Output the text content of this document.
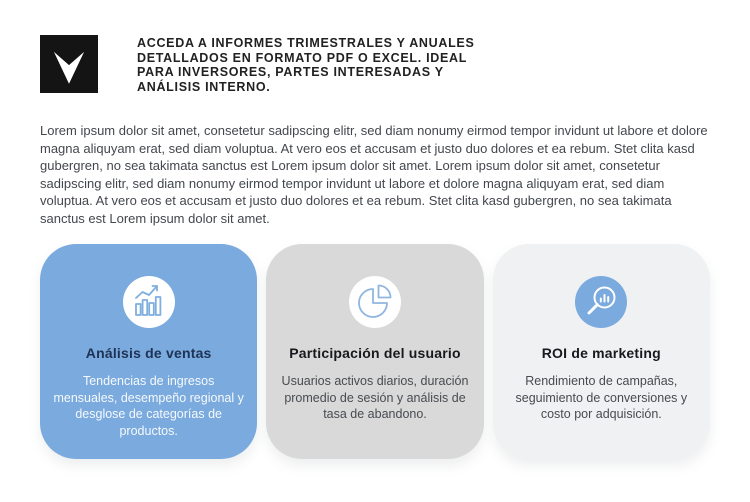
ACCEDA A INFORMES TRIMESTRALES Y ANUALES DETALLADOS EN FORMATO PDF O EXCEL. IDEAL PARA INVERSORES, PARTES INTERESADAS Y ANÁLISIS INTERNO.

Lorem ipsum dolor sit amet, consetetur sadipscing elitr, sed diam nonumy eirmod tempor invidunt ut labore et dolore magna aliquyam erat, sed diam voluptua. At vero eos et accusam et justo duo dolores et ea rebum. Stet clita kasd gubergren, no sea takimata sanctus est Lorem ipsum dolor sit amet. Lorem ipsum dolor sit amet, consetetur sadipscing elitr, sed diam nonumy eirmod tempor invidunt ut labore et dolore magna aliquyam erat, sed diam voluptua. At vero eos et accusam et justo duo dolores et ea rebum. Stet clita kasd gubergren, no sea takimata sanctus est Lorem ipsum dolor sit amet.

Análisis de ventas

Tendencias de ingresos mensuales, desempeño regional y desglose de categorías de productos.

Participación del usuario

Usuarios activos diarios, duración promedio de sesión y análisis de tasa de abandono.

ROI de marketing

Rendimiento de campañas, seguimiento de conversiones y costo por adquisición.
